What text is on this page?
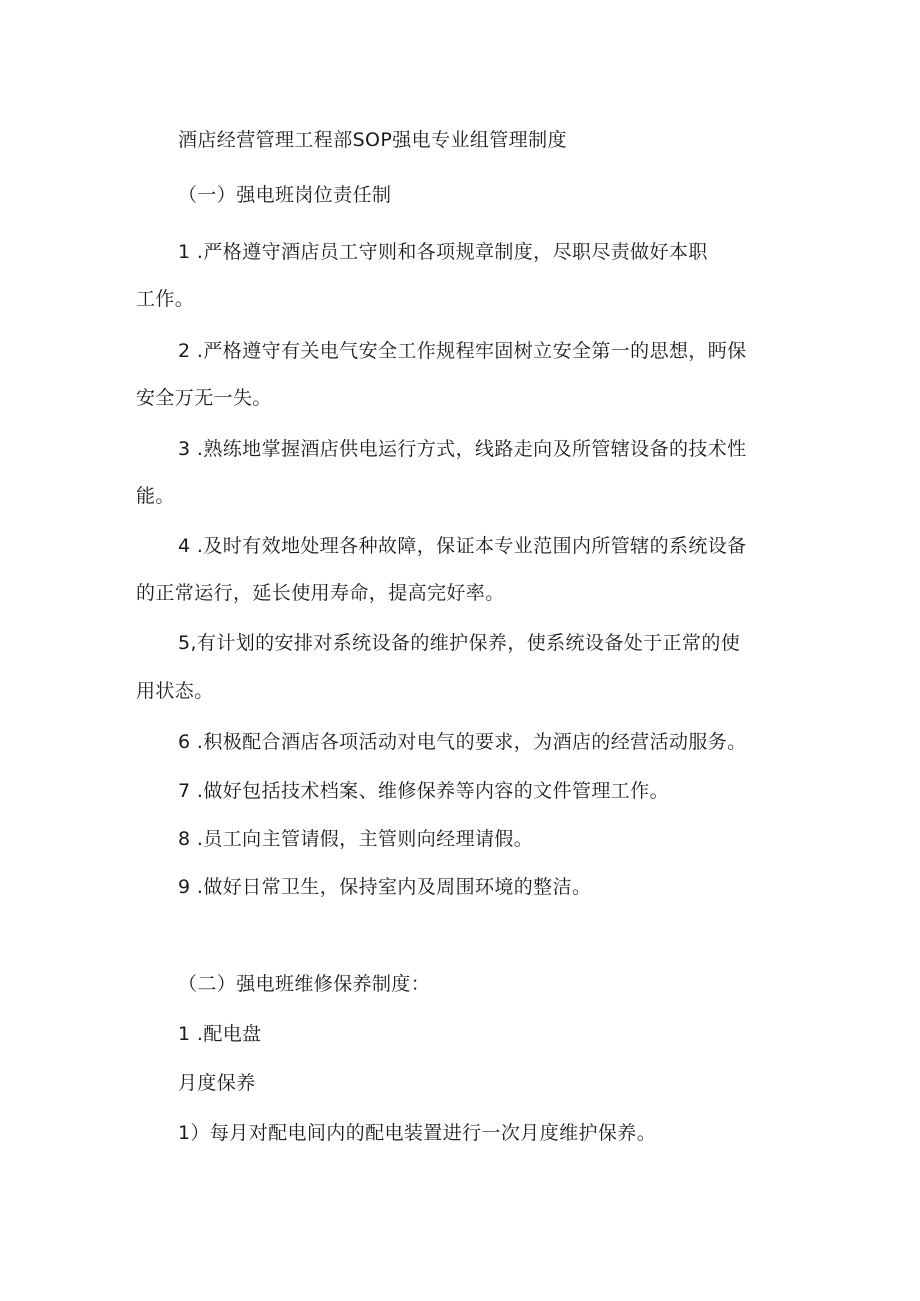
酒店经营管理工程部SOP强电专业组管理制度
（一）强电班岗位责任制
1 .严格遵守酒店员工守则和各项规章制度，尽职尽责做好本职
工作。
2 .严格遵守有关电气安全工作规程牢固树立安全第一的思想，眄保
安全万无一失。
3 .熟练地掌握酒店供电运行方式，线路走向及所管辖设备的技术性
能。
4 .及时有效地处理各种故障，保证本专业范围内所管辖的系统设备
的正常运行，延长使用寿命，提高完好率。
5,有计划的安排对系统设备的维护保养，使系统设备处于正常的使
用状态。
6 .积极配合酒店各项活动对电气的要求，为酒店的经营活动服务。
7 .做好包括技术档案、维修保养等内容的文件管理工作。
8 .员工向主管请假，主管则向经理请假。
9 .做好日常卫生，保持室内及周围环境的整洁。
（二）强电班维修保养制度：
1 .配电盘
月度保养
1）每月对配电间内的配电装置进行一次月度维护保养。
